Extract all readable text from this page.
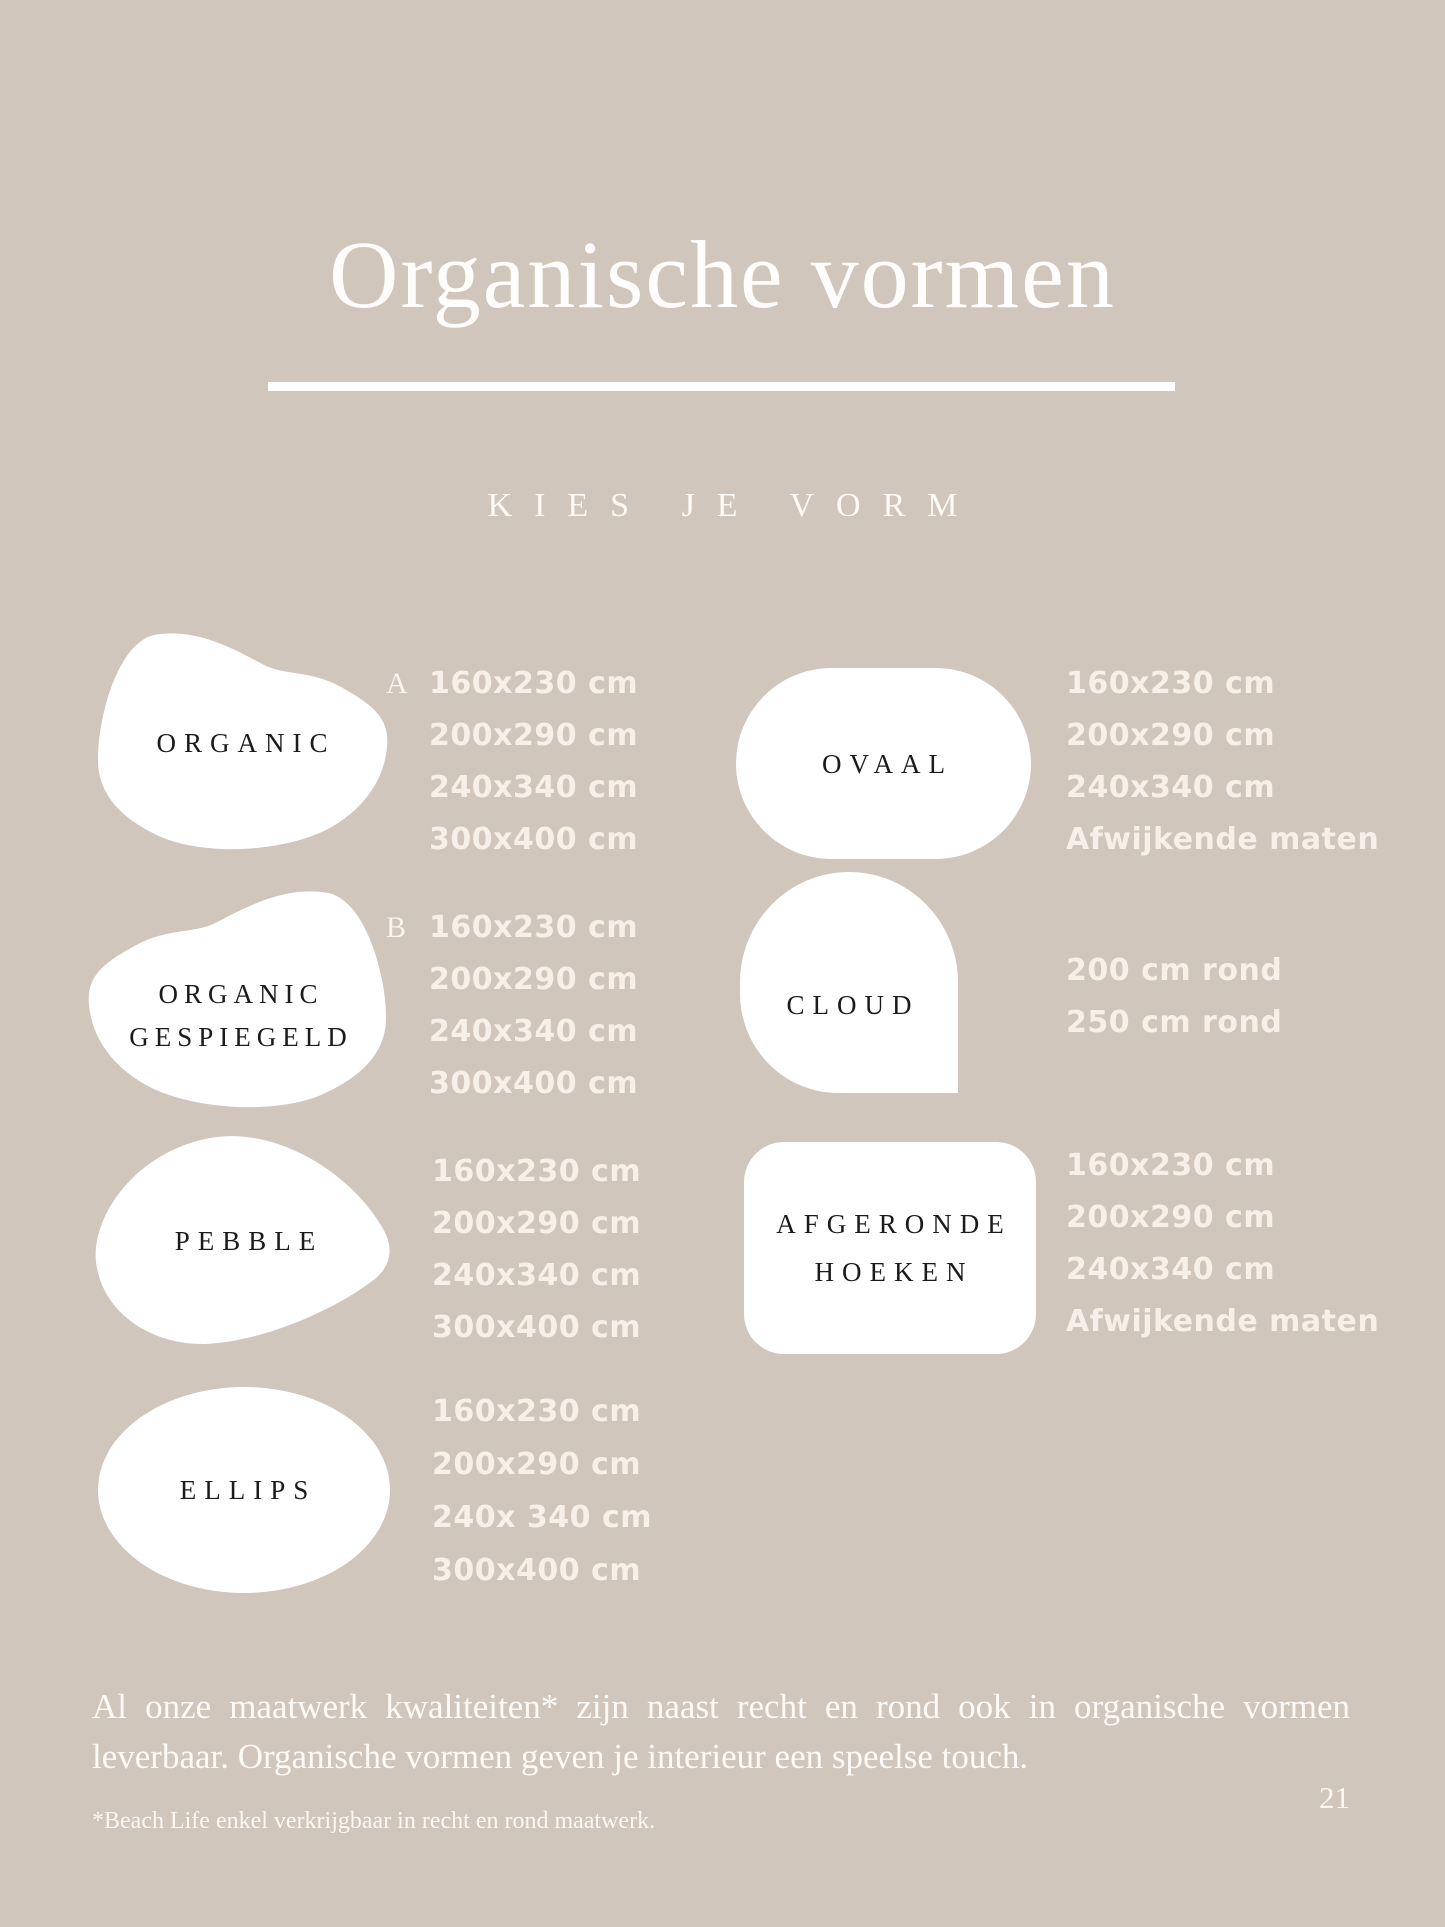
Organische vormen
KIES JE VORM
ORGANIC
A 160x230 cm
200x290 cm
240x340 cm
300x400 cm
OVAAL
160x230 cm
200x290 cm
240x340 cm
Afwijkende maten
ORGANIC
GESPIEGELD
B 160x230 cm
200x290 cm
240x340 cm
300x400 cm
CLOUD
200 cm rond
250 cm rond
PEBBLE
160x230 cm
200x290 cm
240x340 cm
300x400 cm
AFGERONDE
HOEKEN
160x230 cm
200x290 cm
240x340 cm
Afwijkende maten
ELLIPS
160x230 cm
200x290 cm
240x 340 cm
300x400 cm
Al onze maatwerk kwaliteiten* zijn naast recht en rond ook in organische vormen
leverbaar. Organische vormen geven je interieur een speelse touch.
*Beach Life enkel verkrijgbaar in recht en rond maatwerk.
21
